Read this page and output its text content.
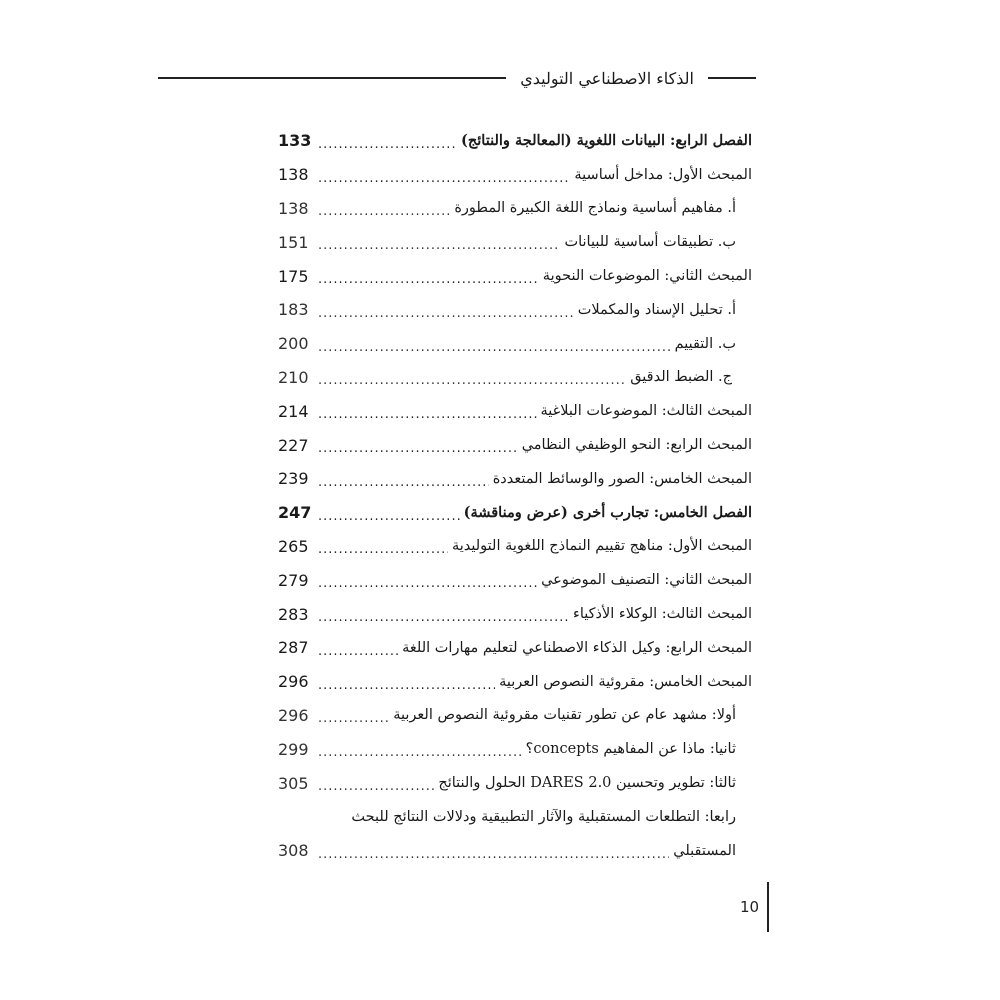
الذكاء الاصطناعي التوليدي
الفصل الرابع: البيانات اللغوية (المعالجة والنتائج)
.....
133
المبحث الأول: مداخل أساسية
.....
138
أ. مفاهيم أساسية ونماذج اللغة الكبيرة المطورة
.....
138
ب. تطبيقات أساسية للبيانات
.....
151
المبحث الثاني: الموضوعات النحوية
.....
175
أ. تحليل الإسناد والمكملات
.....
183
ب. التقييم
.....
200
ج. الضبط الدقيق
.....
210
المبحث الثالث: الموضوعات البلاغية
.....
214
المبحث الرابع: النحو الوظيفي النظامي
.....
227
المبحث الخامس: الصور والوسائط المتعددة
.....
239
الفصل الخامس: تجارب أخرى (عرض ومناقشة)
.....
247
المبحث الأول: مناهج تقييم النماذج اللغوية التوليدية
.....
265
المبحث الثاني: التصنيف الموضوعي
.....
279
المبحث الثالث: الوكلاء الأذكياء
.....
283
المبحث الرابع: وكيل الذكاء الاصطناعي لتعليم مهارات اللغة
.....
287
المبحث الخامس: مقروئية النصوص العربية
.....
296
أولا: مشهد عام عن تطور تقنيات مقروئية النصوص العربية
.....
296
ثانيا: ماذا عن المفاهيم concepts؟
.....
299
ثالثا: تطوير وتحسين DARES 2.0 الحلول والنتائج
.....
305
رابعا: التطلعات المستقبلية والآثار التطبيقية ودلالات النتائج للبحث
المستقبلي
.....
308
10
